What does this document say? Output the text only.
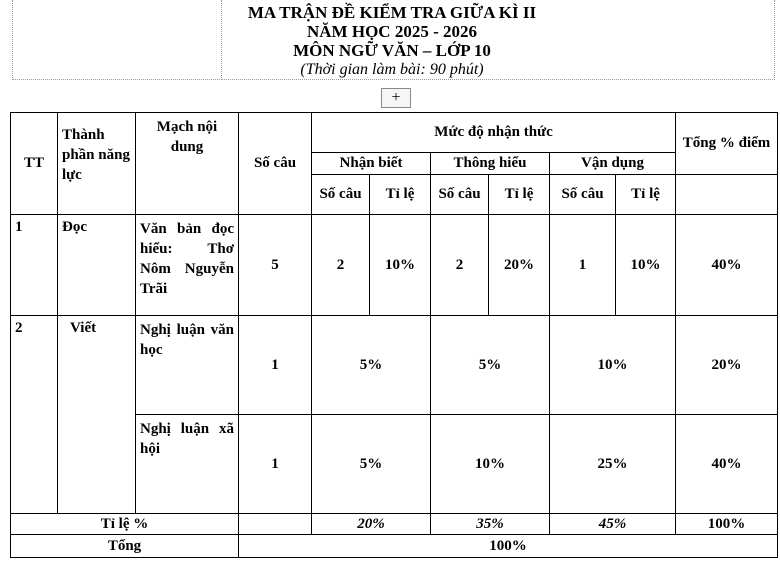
MA TRẬN ĐỀ KIỂM TRA GIỮA KÌ II
NĂM HỌC 2025 - 2026
MÔN NGỮ VĂN – LỚP 10
(Thời gian làm bài: 90 phút)
+
TT	Thành phần năng lực	Mạch nội dung	Số câu	Mức độ nhận thức						Tổng % điểm
				Nhận biết		Thông hiểu		Vận dụng		
				Số câu	Tỉ lệ	Số câu	Tỉ lệ	Số câu	Tỉ lệ	
1	Đọc	Văn bản đọc hiểu: Thơ Nôm Nguyễn Trãi	5	2	10%	2	20%	1	10%	40%
2	Viết	Nghị luận văn học	1	5%		5%		10%		20%
		Nghị luận xã hội	1	5%		10%		25%		40%
Tỉ lệ %				20%		35%		45%		100%
Tổng			100%							
